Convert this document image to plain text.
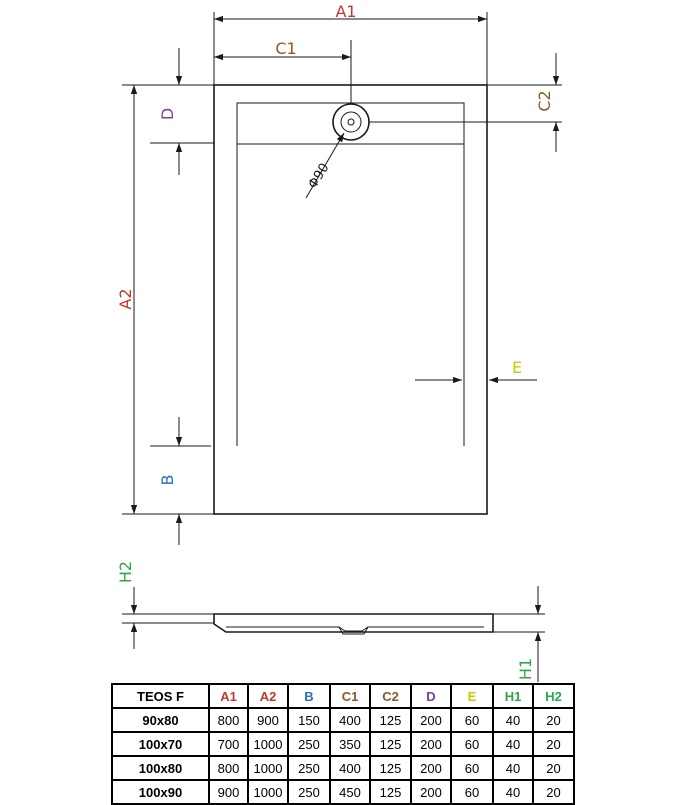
A1
C1
D
C2
A2
B
E
H2
H1
Φ90
TEOS F	A1	A2	B	C1	C2	D	E	H1	H2
90x80	800	900	150	400	125	200	60	40	20
100x70	700	1000	250	350	125	200	60	40	20
100x80	800	1000	250	400	125	200	60	40	20
100x90	900	1000	250	450	125	200	60	40	20
